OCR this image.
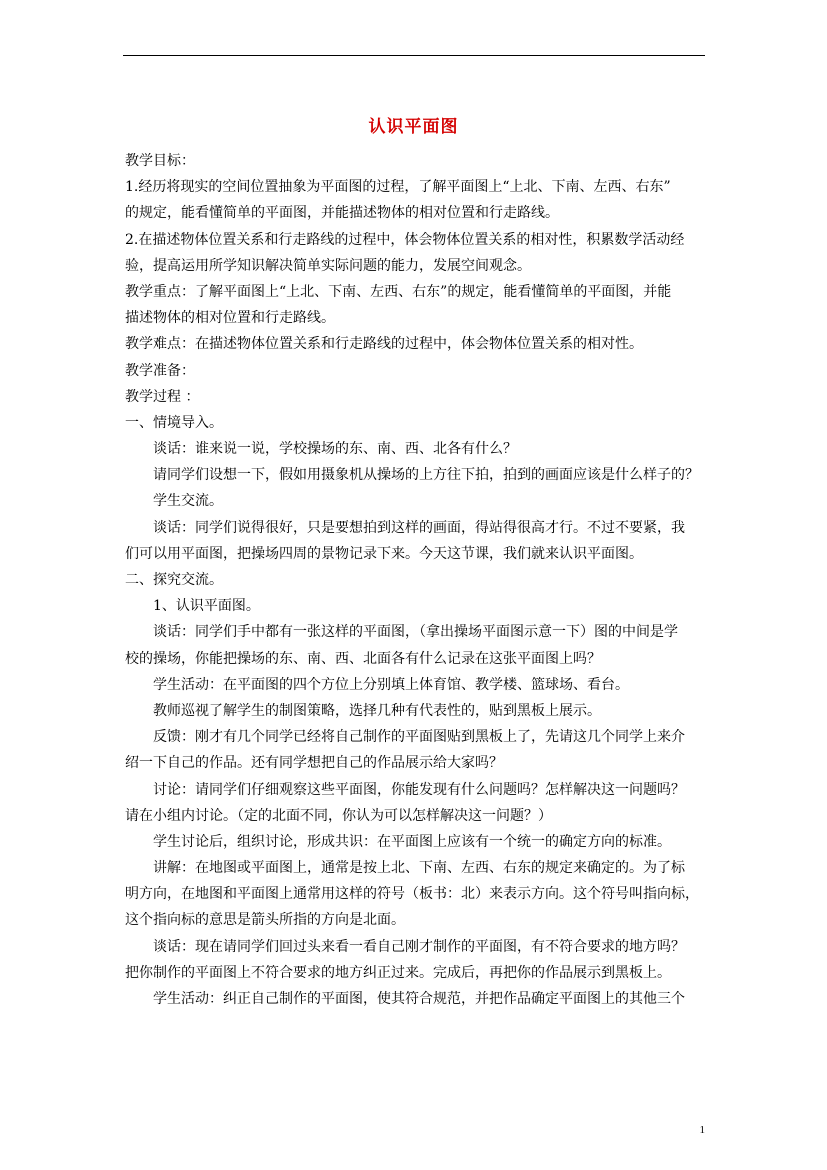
认识平面图
教学目标：
1.经历将现实的空间位置抽象为平面图的过程，了解平面图上“上北、下南、左西、右东”
的规定，能看懂简单的平面图，并能描述物体的相对位置和行走路线。
2.在描述物体位置关系和行走路线的过程中，体会物体位置关系的相对性，积累数学活动经
验，提高运用所学知识解决简单实际问题的能力，发展空间观念。
教学重点：了解平面图上“上北、下南、左西、右东”的规定，能看懂简单的平面图，并能
描述物体的相对位置和行走路线。
教学难点：在描述物体位置关系和行走路线的过程中，体会物体位置关系的相对性。
教学准备：
教学过程 ：
一、情境导入。
谈话：谁来说一说，学校操场的东、南、西、北各有什么？
请同学们设想一下，假如用摄象机从操场的上方往下拍，拍到的画面应该是什么样子的？
学生交流。
谈话：同学们说得很好，只是要想拍到这样的画面，得站得很高才行。不过不要紧，我
们可以用平面图，把操场四周的景物记录下来。今天这节课，我们就来认识平面图。
二、探究交流。
1、认识平面图。
谈话：同学们手中都有一张这样的平面图，（拿出操场平面图示意一下）图的中间是学
校的操场，你能把操场的东、南、西、北面各有什么记录在这张平面图上吗？
学生活动：在平面图的四个方位上分别填上体育馆、教学楼、篮球场、看台。
教师巡视了解学生的制图策略，选择几种有代表性的，贴到黑板上展示。
反馈：刚才有几个同学已经将自己制作的平面图贴到黑板上了，先请这几个同学上来介
绍一下自己的作品。还有同学想把自己的作品展示给大家吗？
讨论：请同学们仔细观察这些平面图，你能发现有什么问题吗？怎样解决这一问题吗？
请在小组内讨论。（定的北面不同，你认为可以怎样解决这一问题？）
学生讨论后，组织讨论，形成共识：在平面图上应该有一个统一的确定方向的标准。
讲解：在地图或平面图上，通常是按上北、下南、左西、右东的规定来确定的。为了标
明方向，在地图和平面图上通常用这样的符号（板书：北）来表示方向。这个符号叫指向标，
这个指向标的意思是箭头所指的方向是北面。
谈话：现在请同学们回过头来看一看自己刚才制作的平面图，有不符合要求的地方吗？
把你制作的平面图上不符合要求的地方纠正过来。完成后，再把你的作品展示到黑板上。
学生活动：纠正自己制作的平面图，使其符合规范，并把作品确定平面图上的其他三个
1
